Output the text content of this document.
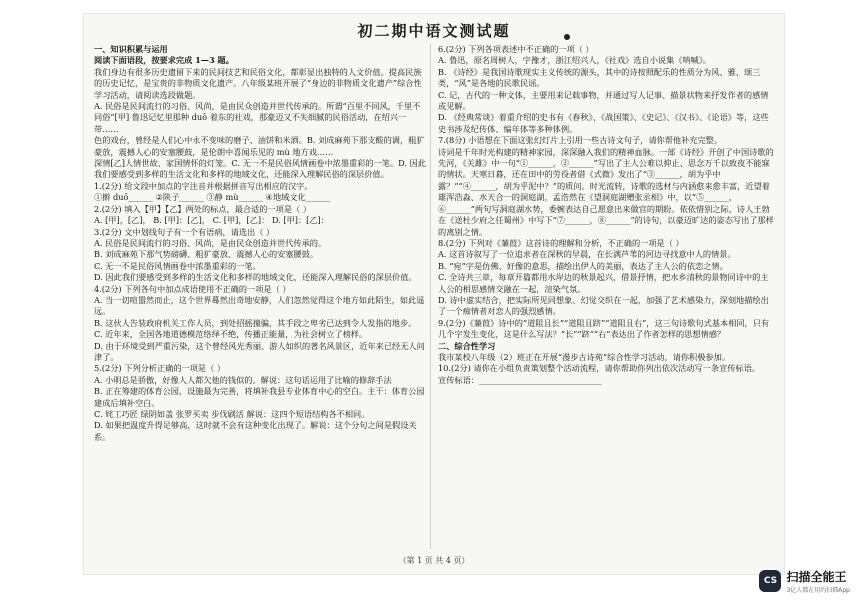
初二期中语文测试题

一、知识积累与运用

阅读下面语段，按要求完成 1—3 题。

我们身边有很多历史遗留下来的民间技艺和民俗文化，都彰显出独特的人文价值。提高民族的历史记忆，是宝贵的非物质文化遗产。八年级某班开展了“身边的非物质文化遗产”综合性学习活动，请阅读选段做题。

A. 民俗是民间流行的习俗、风尚，是由民众创造并世代传承的。所谓“百里不同风，千里不同俗”[甲] 鲁迅记忆里那种 duō 着东的社戏，那豪迈又不失细腻的民俗活动，在绍兴一带……

色的戏台，曾经是人们心中永不变味的磨子、油饼和米酒。B. 刘成麻苑下那支酸的调，粗犷豪放，震撼人心的安塞腰鼓，是伦朗中喜闻乐见的 mù 地方戏……

深情[乙]人情世故、家国情怀的灯笼。C. 无一不是民俗风情画卷中浓墨重彩的一笔。D. 因此我们要感受到多样的生活文化和多样的地域文化，还能深入理解民俗的深层价值。

1.(2分) 给文段中加点的字注音并根据拼音写出相应的汉字。

①擀 duō______ ②陕子______ ③静 mù______ ④地域文化______

2.(2分) 填入【甲】【乙】两处的标点，最合适的一项是（ ）

A. [甲]，[乙]， B. [甲]：[乙]， C. [甲]，[乙]： D. [甲]：[乙]：

3.(2分) 文中划线句子有一个有语病，请选出（ ）

A. 民俗是民间流行的习俗、风尚，是由民众创造并世代传承的。

B. 刘成麻苑下那气势磅礴、粗犷豪放、震撼人心的安塞腰鼓。

C. 无一不是民俗风情画卷中浓墨重彩的一笔。

D. 因此我们要感受到多样的生活文化和多样的地域文化，还能深入理解民俗的深层价值。

4.(2分) 下列各句中加点成语使用不正确的一项是（ ）

A. 当一切喧嚣然而止，这个世界蓦然出奇地安静，人们忽然觉得这个地方如此陌生，如此遥远。

B. 这伙人告装政府机关工作人员，到处招摇撞骗，其手段之卑劣已达到令人发指的地步。

C. 近年来，全国各地道德模范络绎不绝，传播正能量，为社会树立了榜样。

D. 由于环境受到严重污染，这个曾经风光秀丽、游人如织的著名风景区，近年来已经无人问津了。

5.(2分) 下列分析正确的一项是（ ）

A. 小明总是骄傲，好像人人都欠他的钱似的。解说：这句话运用了比喻的修辞手法

B. 正在筹建的体育公园，设施最为完善，将填补我县专业体育中心的空白。主干：体育公园建成后填补空白。

C. 姹工巧匠 绿阴如盖 张罗买卖 步伐刷活 解说：这四个短语结构各不相同。

D. 如果把温度升得足够高，这时就不会有这种变化出现了。解说：这个分句之间是假设关系。

6.(2分) 下列各项表述中不正确的一项（ ）

A. 鲁迅，原名周树人，字豫才，浙江绍兴人，《社戏》选自小说集《呐喊》。

B. 《诗经》是我国诗歌现实主义传统的源头，其中的诗按照配乐的性质分为风、雅、颂三类，“风”是各地的民歌民谣。

C. 记，古代的一种文体，主要用来记载事物，并通过写人记事、描景状物来抒发作者的感情或见解。

D. 《经典常谈》着重介绍的史书有《春秋》、《战国策》、《史记》、《汉书》、《论语》等，这些史书涉及纪传体、编年体等多种体例。

7.(8分) 小语想在下面这张幻灯片上引用一些古诗文句子，请你帮他补充完整。

诗词是千年时光构建的精神家园，深深融入我们的精神血脉。一部《诗经》开创了中国诗歌的先河，《关雎》中一句“①______，②______”写出了主人公难以抑止、思念万千以致夜不能寐的情状。天寒日暮，还在田中的劳役者借《式微》发出了“③______，胡为乎中露？”“④______，胡为乎泥中？”的质问。时光流转，诗歌的选材与内涵愈来愈丰富，近望着雄浑浩淼、水天合一的洞庭湖，孟浩然在《望洞庭湖赠张丞相》中，以“⑤______，⑥______”两句写洞庭湖水势，委婉表达自己愿意出来做官的期盼。依依惜别之际，诗人王勃在《送杜少府之任蜀州》中写下“⑦______，⑧______”的诗句，以豪迈旷达的姿态写出了那样的离别之情。

8.(2分) 下列对《蒹葭》这首诗的理解和分析，不正确的一项是（ ）

A. 这首诗叙写了一位追求者在深秋的早晨，在长满芦苇的河边寻找意中人的情景。

B. “宛”字是仿佛、好像的意思，描绘出伊人的美丽，表达了主人公的依恋之情。

C. 全诗共三章，每章开篇都用水岸边的秋景起兴，借景抒情，把水乡清秋的景物同诗中的主人公的相思感情交融在一起，渲染气氛。

D. 诗中虚实结合，把实际所见同想象、幻觉交织在一起，加强了艺术感染力，深刻地描绘出了一个痴情者对恋人的强烈感情。

9.(2分)《蒹葭》诗中的“道阻且长”“道阻且跻”“道阻且右”，这三句诗歌句式基本相同，只有几个字发生变化，这是什么写法？“长”“跻”“右”表达出了作者怎样的思想情感？

二、综合性学习

我市某校八年级（2）班正在开展“漫步古诗苑”综合性学习活动，请你积极参加。

10.(2分) 请你在小组负责策划整个活动流程，请你帮助你列出依次活动写一条宣传标语。

宣传标语：______________________________

（第 1 页 共 4 页）
CS 扫描全能王
3亿人都在用的扫描App
